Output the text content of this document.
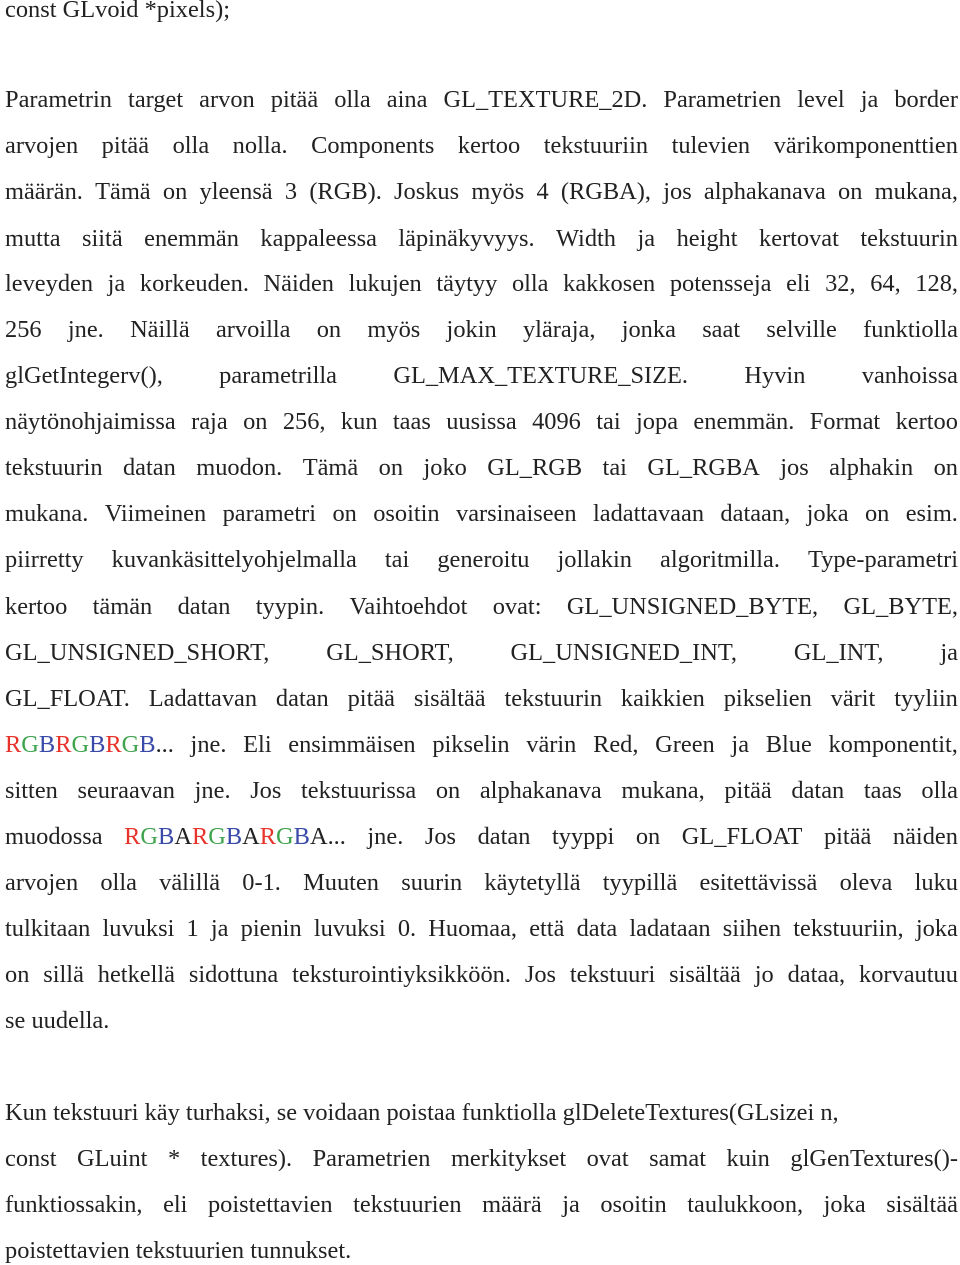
const GLvoid *pixels);
Parametrin target arvon pitää olla aina GL_TEXTURE_2D. Parametrien level ja border
arvojen pitää olla nolla. Components kertoo tekstuuriin tulevien värikomponenttien
määrän. Tämä on yleensä 3 (RGB). Joskus myös 4 (RGBA), jos alphakanava on mukana,
mutta siitä enemmän kappaleessa läpinäkyvyys. Width ja height kertovat tekstuurin
leveyden ja korkeuden. Näiden lukujen täytyy olla kakkosen potensseja eli 32, 64, 128,
256 jne. Näillä arvoilla on myös jokin yläraja, jonka saat selville funktiolla
glGetIntegerv(), parametrilla GL_MAX_TEXTURE_SIZE. Hyvin vanhoissa
näytönohjaimissa raja on 256, kun taas uusissa 4096 tai jopa enemmän. Format kertoo
tekstuurin datan muodon. Tämä on joko GL_RGB tai GL_RGBA jos alphakin on
mukana. Viimeinen parametri on osoitin varsinaiseen ladattavaan dataan, joka on esim.
piirretty kuvankäsittelyohjelmalla tai generoitu jollakin algoritmilla. Type-parametri
kertoo tämän datan tyypin. Vaihtoehdot ovat: GL_UNSIGNED_BYTE, GL_BYTE,
GL_UNSIGNED_SHORT, GL_SHORT, GL_UNSIGNED_INT, GL_INT, ja
GL_FLOAT. Ladattavan datan pitää sisältää tekstuurin kaikkien pikselien värit tyyliin
RGBRGBRGB... jne. Eli ensimmäisen pikselin värin Red, Green ja Blue komponentit,
sitten seuraavan jne. Jos tekstuurissa on alphakanava mukana, pitää datan taas olla
muodossa RGBARGBARGBA... jne. Jos datan tyyppi on GL_FLOAT pitää näiden
arvojen olla välillä 0-1. Muuten suurin käytetyllä tyypillä esitettävissä oleva luku
tulkitaan luvuksi 1 ja pienin luvuksi 0. Huomaa, että data ladataan siihen tekstuuriin, joka
on sillä hetkellä sidottuna teksturointiyksikköön. Jos tekstuuri sisältää jo dataa, korvautuu
se uudella.
Kun tekstuuri käy turhaksi, se voidaan poistaa funktiolla glDeleteTextures(GLsizei n,
const GLuint * textures). Parametrien merkitykset ovat samat kuin glGenTextures()-
funktiossakin, eli poistettavien tekstuurien määrä ja osoitin taulukkoon, joka sisältää
poistettavien tekstuurien tunnukset.
